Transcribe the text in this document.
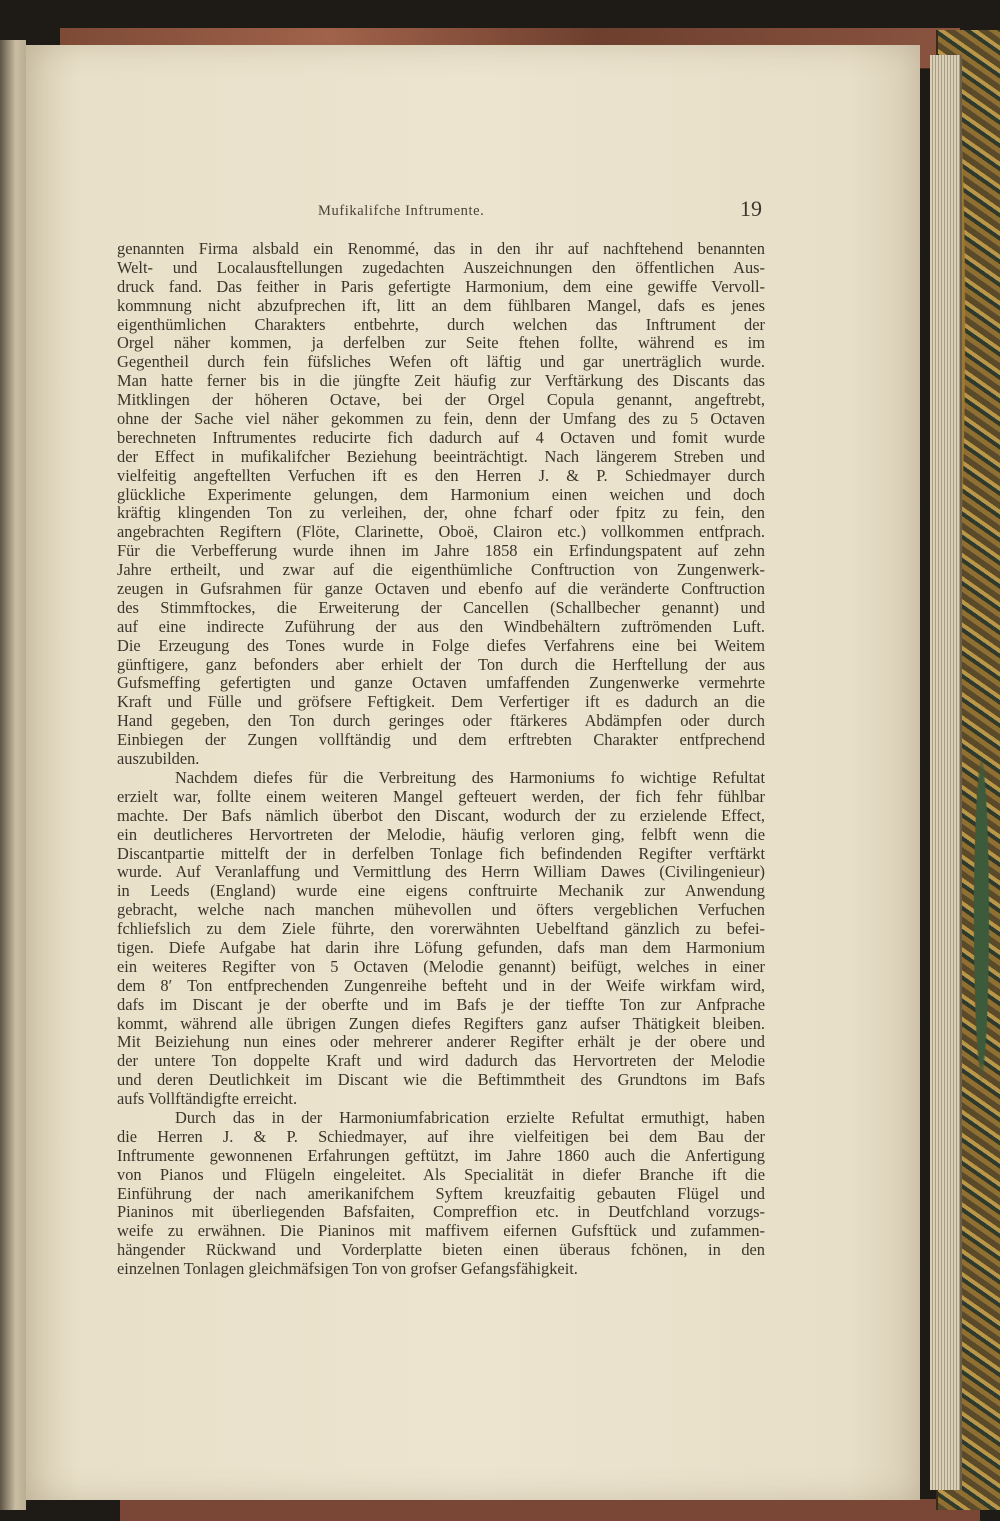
Mufikalifche Inftrumente.	19
genannten Firma alsbald ein Renommé, das in den ihr auf nachftehend benannten
Welt- und Localausftellungen zugedachten Auszeichnungen den öffentlichen Aus-
druck fand. Das feither in Paris gefertigte Harmonium, dem eine gewiffe Vervoll-
kommnung nicht abzufprechen ift, litt an dem fühlbaren Mangel, dafs es jenes
eigenthümlichen Charakters entbehrte, durch welchen das Inftrument der
Orgel näher kommen, ja derfelben zur Seite ftehen follte, während es im
Gegentheil durch fein füfsliches Wefen oft läftig und gar unerträglich wurde.
Man hatte ferner bis in die jüngfte Zeit häufig zur Verftärkung des Discants das
Mitklingen der höheren Octave, bei der Orgel Copula genannt, angeftrebt,
ohne der Sache viel näher gekommen zu fein, denn der Umfang des zu 5 Octaven
berechneten Inftrumentes reducirte fich dadurch auf 4 Octaven und fomit wurde
der Effect in mufikalifcher Beziehung beeinträchtigt. Nach längerem Streben und
vielfeitig angeftellten Verfuchen ift es den Herren J. & P. Schiedmayer durch
glückliche Experimente gelungen, dem Harmonium einen weichen und doch
kräftig klingenden Ton zu verleihen, der, ohne fcharf oder fpitz zu fein, den
angebrachten Regiftern (Flöte, Clarinette, Oboë, Clairon etc.) vollkommen entfprach.
Für die Verbefferung wurde ihnen im Jahre 1858 ein Erfindungspatent auf zehn
Jahre ertheilt, und zwar auf die eigenthümliche Conftruction von Zungenwerk-
zeugen in Gufsrahmen für ganze Octaven und ebenfo auf die veränderte Conftruction
des Stimmftockes, die Erweiterung der Cancellen (Schallbecher genannt) und
auf eine indirecte Zuführung der aus den Windbehältern zuftrömenden Luft.
Die Erzeugung des Tones wurde in Folge diefes Verfahrens eine bei Weitem
günftigere, ganz befonders aber erhielt der Ton durch die Herftellung der aus
Gufsmeffing gefertigten und ganze Octaven umfaffenden Zungenwerke vermehrte
Kraft und Fülle und gröfsere Feftigkeit. Dem Verfertiger ift es dadurch an die
Hand gegeben, den Ton durch geringes oder ftärkeres Abdämpfen oder durch
Einbiegen der Zungen vollftändig und dem erftrebten Charakter entfprechend
auszubilden.
Nachdem diefes für die Verbreitung des Harmoniums fo wichtige Refultat
erzielt war, follte einem weiteren Mangel gefteuert werden, der fich fehr fühlbar
machte. Der Bafs nämlich überbot den Discant, wodurch der zu erzielende Effect,
ein deutlicheres Hervortreten der Melodie, häufig verloren ging, felbft wenn die
Discantpartie mittelft der in derfelben Tonlage fich befindenden Regifter verftärkt
wurde. Auf Veranlaffung und Vermittlung des Herrn William Dawes (Civilingenieur)
in Leeds (England) wurde eine eigens conftruirte Mechanik zur Anwendung
gebracht, welche nach manchen mühevollen und öfters vergeblichen Verfuchen
fchliefslich zu dem Ziele führte, den vorerwähnten Uebelftand gänzlich zu befei-
tigen. Diefe Aufgabe hat darin ihre Löfung gefunden, dafs man dem Harmonium
ein weiteres Regifter von 5 Octaven (Melodie genannt) beifügt, welches in einer
dem 8′ Ton entfprechenden Zungenreihe befteht und in der Weife wirkfam wird,
dafs im Discant je der oberfte und im Bafs je der tieffte Ton zur Anfprache
kommt, während alle übrigen Zungen diefes Regifters ganz aufser Thätigkeit bleiben.
Mit Beiziehung nun eines oder mehrerer anderer Regifter erhält je der obere und
der untere Ton doppelte Kraft und wird dadurch das Hervortreten der Melodie
und deren Deutlichkeit im Discant wie die Beftimmtheit des Grundtons im Bafs
aufs Vollftändigfte erreicht.
Durch das in der Harmoniumfabrication erzielte Refultat ermuthigt, haben
die Herren J. & P. Schiedmayer, auf ihre vielfeitigen bei dem Bau der
Inftrumente gewonnenen Erfahrungen geftützt, im Jahre 1860 auch die Anfertigung
von Pianos und Flügeln eingeleitet. Als Specialität in diefer Branche ift die
Einführung der nach amerikanifchem Syftem kreuzfaitig gebauten Flügel und
Pianinos mit überliegenden Bafsfaiten, Compreffion etc. in Deutfchland vorzugs-
weife zu erwähnen. Die Pianinos mit maffivem eifernen Gufsftück und zufammen-
hängender Rückwand und Vorderplatte bieten einen überaus fchönen, in den
einzelnen Tonlagen gleichmäfsigen Ton von grofser Gefangsfähigkeit.
